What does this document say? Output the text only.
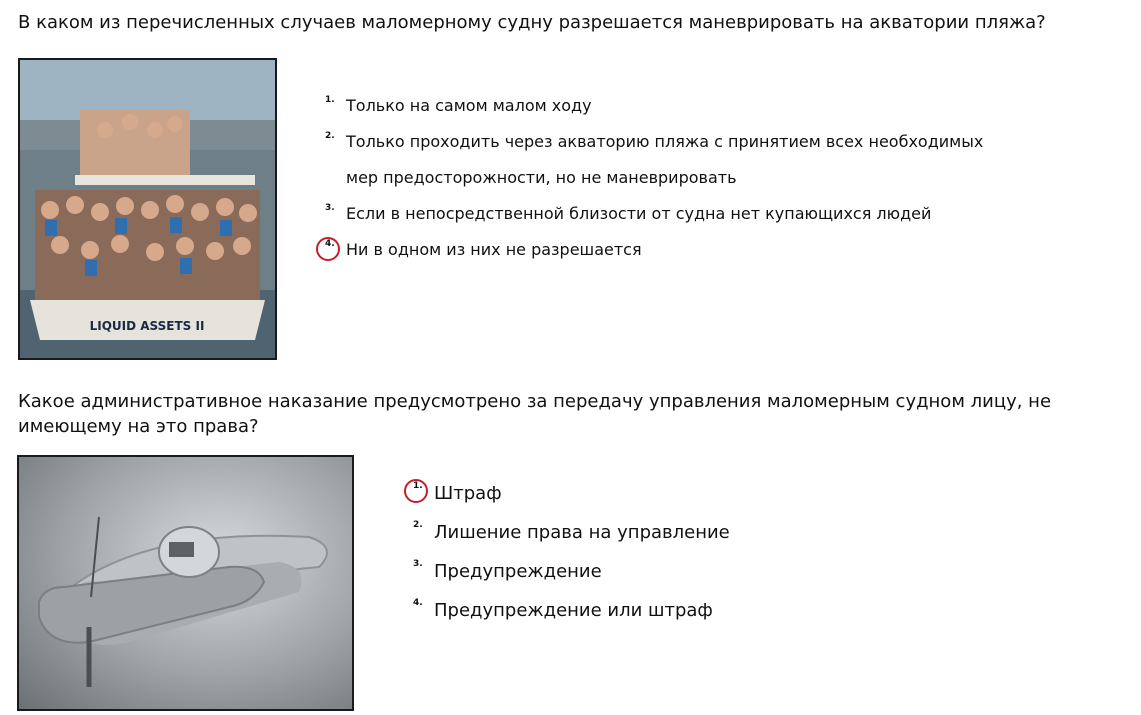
В каком из перечисленных случаев маломерному судну разрешается маневрировать на акватории пляжа?
LIQUID ASSETS II
1. Только на самом малом ходу
2. Только проходить через акваторию пляжа с принятием всех необходимых
мер предосторожности, но не маневрировать
3. Если в непосредственной близости от судна нет купающихся людей
4. Ни в одном из них не разрешается
Какое административное наказание предусмотрено за передачу управления маломерным судном лицу, не имеющему на это права?
1. Штраф
2. Лишение права на управление
3. Предупреждение
4. Предупреждение или штраф
